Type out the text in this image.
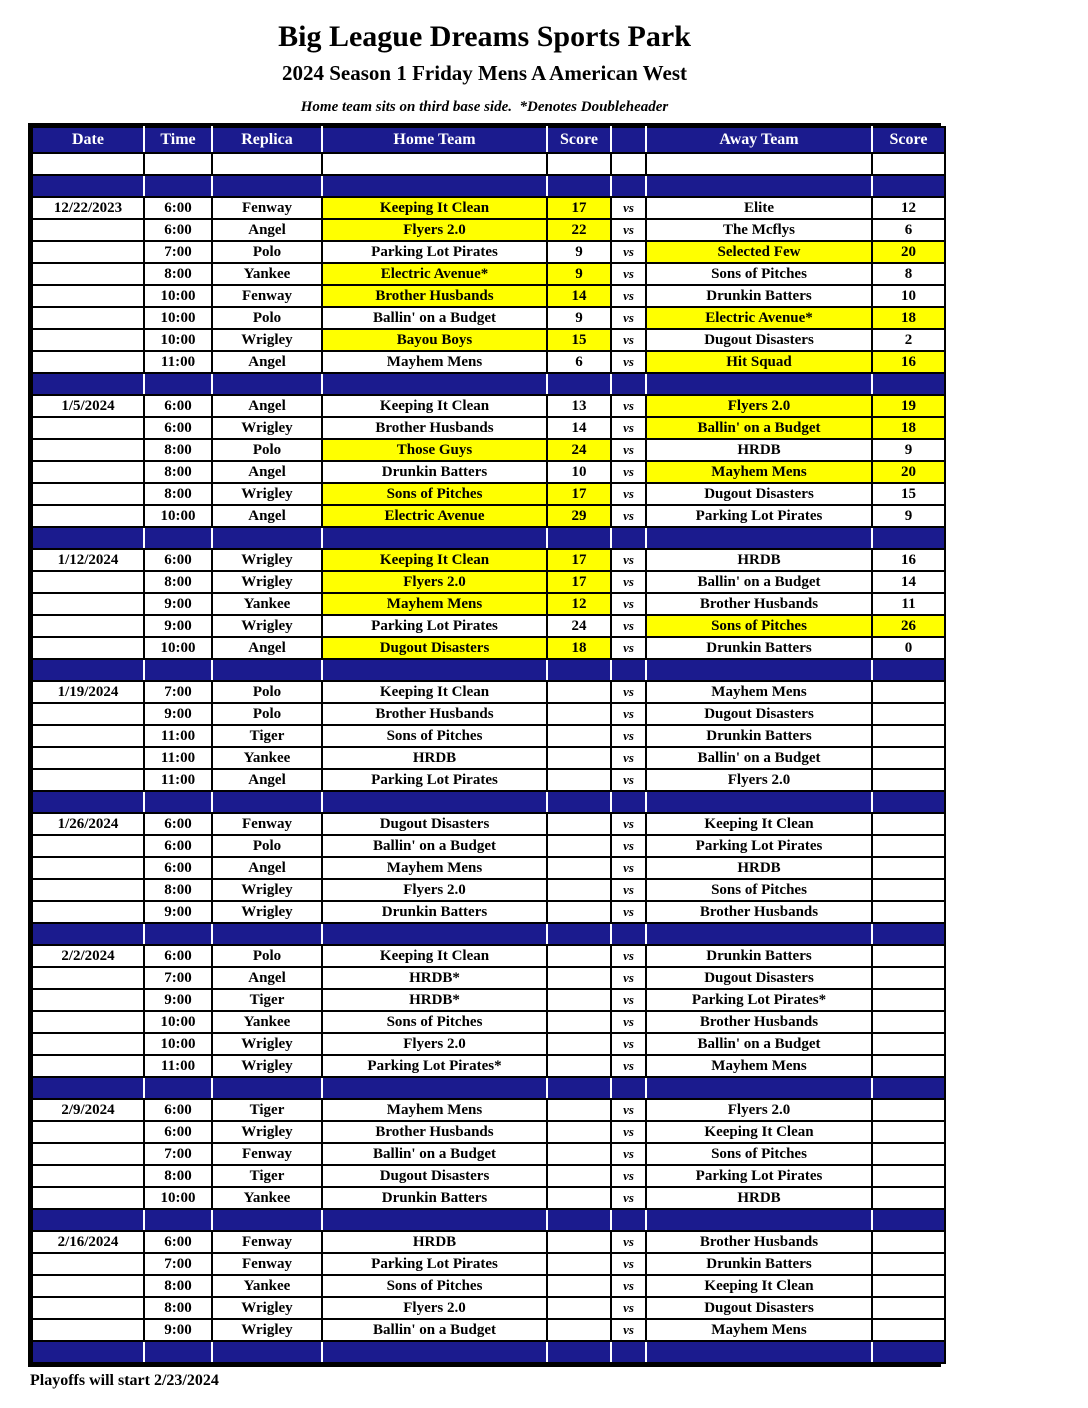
Big League Dreams Sports Park
2024 Season 1 Friday Mens A American West
Home team sits on third base side.  *Denotes Doubleheader
Date	Time	Replica	Home Team	Score		Away Team	Score

12/22/2023	6:00	Fenway	Keeping It Clean	17	vs	Elite	12
	6:00	Angel	Flyers 2.0	22	vs	The Mcflys	6
	7:00	Polo	Parking Lot Pirates	9	vs	Selected Few	20
	8:00	Yankee	Electric Avenue*	9	vs	Sons of Pitches	8
	10:00	Fenway	Brother Husbands	14	vs	Drunkin Batters	10
	10:00	Polo	Ballin' on a Budget	9	vs	Electric Avenue*	18
	10:00	Wrigley	Bayou Boys	15	vs	Dugout Disasters	2
	11:00	Angel	Mayhem Mens	6	vs	Hit Squad	16

1/5/2024	6:00	Angel	Keeping It Clean	13	vs	Flyers 2.0	19
	6:00	Wrigley	Brother Husbands	14	vs	Ballin' on a Budget	18
	8:00	Polo	Those Guys	24	vs	HRDB	9
	8:00	Angel	Drunkin Batters	10	vs	Mayhem Mens	20
	8:00	Wrigley	Sons of Pitches	17	vs	Dugout Disasters	15
	10:00	Angel	Electric Avenue	29	vs	Parking Lot Pirates	9

1/12/2024	6:00	Wrigley	Keeping It Clean	17	vs	HRDB	16
	8:00	Wrigley	Flyers 2.0	17	vs	Ballin' on a Budget	14
	9:00	Yankee	Mayhem Mens	12	vs	Brother Husbands	11
	9:00	Wrigley	Parking Lot Pirates	24	vs	Sons of Pitches	26
	10:00	Angel	Dugout Disasters	18	vs	Drunkin Batters	0

1/19/2024	7:00	Polo	Keeping It Clean		vs	Mayhem Mens	
	9:00	Polo	Brother Husbands		vs	Dugout Disasters	
	11:00	Tiger	Sons of Pitches		vs	Drunkin Batters	
	11:00	Yankee	HRDB		vs	Ballin' on a Budget	
	11:00	Angel	Parking Lot Pirates		vs	Flyers 2.0	

1/26/2024	6:00	Fenway	Dugout Disasters		vs	Keeping It Clean	
	6:00	Polo	Ballin' on a Budget		vs	Parking Lot Pirates	
	6:00	Angel	Mayhem Mens		vs	HRDB	
	8:00	Wrigley	Flyers 2.0		vs	Sons of Pitches	
	9:00	Wrigley	Drunkin Batters		vs	Brother Husbands	

2/2/2024	6:00	Polo	Keeping It Clean		vs	Drunkin Batters	
	7:00	Angel	HRDB*		vs	Dugout Disasters	
	9:00	Tiger	HRDB*		vs	Parking Lot Pirates*	
	10:00	Yankee	Sons of Pitches		vs	Brother Husbands	
	10:00	Wrigley	Flyers 2.0		vs	Ballin' on a Budget	
	11:00	Wrigley	Parking Lot Pirates*		vs	Mayhem Mens	

2/9/2024	6:00	Tiger	Mayhem Mens		vs	Flyers 2.0	
	6:00	Wrigley	Brother Husbands		vs	Keeping It Clean	
	7:00	Fenway	Ballin' on a Budget		vs	Sons of Pitches	
	8:00	Tiger	Dugout Disasters		vs	Parking Lot Pirates	
	10:00	Yankee	Drunkin Batters		vs	HRDB	

2/16/2024	6:00	Fenway	HRDB		vs	Brother Husbands	
	7:00	Fenway	Parking Lot Pirates		vs	Drunkin Batters	
	8:00	Yankee	Sons of Pitches		vs	Keeping It Clean	
	8:00	Wrigley	Flyers 2.0		vs	Dugout Disasters	
	9:00	Wrigley	Ballin' on a Budget		vs	Mayhem Mens	

Playoffs will start 2/23/2024
